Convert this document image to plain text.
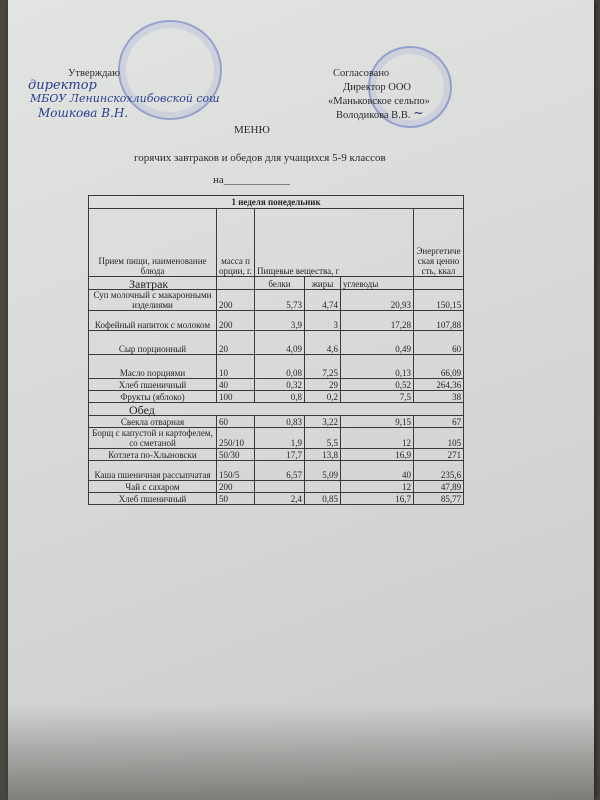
Утверждаю
директор
МБОУ Ленинскохлибовской сош
Мошкова В.Н.
Согласовано
Директор ООО
«Маньковское сельпо»
Володикова В.В. ~
МЕНЮ
горячих завтраков и обедов для учащихся 5-9 классов
на____________
1 неделя понедельник					
Прием пищи, наименование блюда	масса порции, г.	Пищевые вещества, г			Энергетическая ценность, ккал
Завтрак		белки	жиры	углеводы	
Суп молочный с макаронными изделиями	200	5,73	4,74	20,93	150,15
Кофейный напиток с молоком	200	3,9	3	17,28	107,88
Сыр порционный	20	4,09	4,6	0,49	60
Масло порциями	10	0,08	7,25	0,13	66,09
Хлеб пшеничный	40	0,32	29	0,52	264,36
Фрукты (яблоко)	100	0,8	0,2	7,5	38
Обед					
Свекла отварная	60	0,83	3,22	9,15	67
Борщ с капустой и картофелем, со сметаной	250/10	1,9	5,5	12	105
Котлета по-Хлыновски	50/30	17,7	13,8	16,9	271
Каша пшеничная рассыпчатая	150/5	6,57	5,09	40	235,6
Чай с сахаром	200			12	47,89
Хлеб пшеничный	50	2,4	0,85	16,7	85,77
